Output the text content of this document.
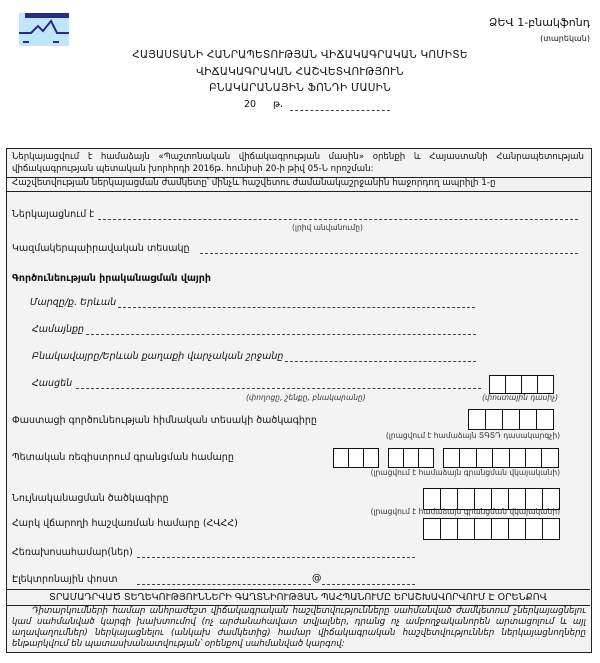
ՁԵՎ 1-բնակֆոնդ
(տարեկան)
ՀԱՅԱՍՏԱՆԻ ՀԱՆՐԱՊԵՏՈՒԹՅԱՆ ՎԻՃԱԿԱԳՐԱԿԱՆ ԿՈՄԻՏԵ
ՎԻՃԱԿԱԳՐԱԿԱՆ ՀԱՇՎԵՏՎՈՒԹՅՈՒՆ
ԲՆԱԿԱՐԱՆԱՅԻՆ ՖՈՆԴԻ ՄԱՍԻՆ
20 թ.
Ներկայացվում է համաձայն «Պաշտոնական վիճակագրության մասին» օրենքի և Հայաստանի Հանրապետության վիճակագրության պետական խորհրդի 2016թ. հունիսի 20-ի թիվ 05-Ն որոշման:
Հաշվետվության ներկայացման ժամկետը՝ մինչև հաշվետու ժամանակաշրջանին հաջորդող ապրիլի 1-ը
Ներկայացնում է
(լրիվ անվանումը)
Կազմակերպաիրավական տեսակը
Գործունեության իրականացման վայրի
Մարզը/ք. Երևան
Համայնքը
Բնակավայրը/Երևան քաղաքի վարչական շրջանը
Հասցեն
(փողոցը, շենքը, բնակարանը)	(փոստային դասիչ)
Փաստացի գործունեության հիմնական տեսակի ծածկագիրը
(լրացվում է համաձայն ՏԳՏԴ դասակարգչի)
Պետական ռեգիստրում գրանցման համարը
(լրացվում է համաձայն գրանցման վկայականի)
Նույնականացման ծածկագիրը
(լրացվում է համաձայն գրանցման վկայականի)
Հարկ վճարողի հաշվառման համարը (ՀՎՀՀ)
Հեռախոսահամար(ներ)
Էլեկտրոնային փոստ	@
ՏՐԱՄԱԴՐՎԱԾ ՏԵՂԵԿՈՒԹՅՈՒՆՆԵՐԻ ԳԱՂՏՆԻՈՒԹՅԱՆ ՊԱՀՊԱՆՈՒՄԸ ԵՐԱՇԽԱՎՈՐՎՈՒՄ Է ՕՐԵՆՔՈՎ
Դիտարկումների համար անհրաժեշտ վիճակագրական հաշվետվությունները սահմանված ժամկետում չներկայացնելու կամ սահմանված կարգի խախտումով (ոչ արժանահավատ տվյալներ, դրանց ոչ ամբողջականորեն արտացոլում և այլ աղավաղումներ) ներկայացնելու (անկախ ժամկետից) համար վիճակագրական հաշվետվություններ ներկայացնողները ենթարկվում են պատասխանատվության՝ օրենքով սահմանված կարգով:
